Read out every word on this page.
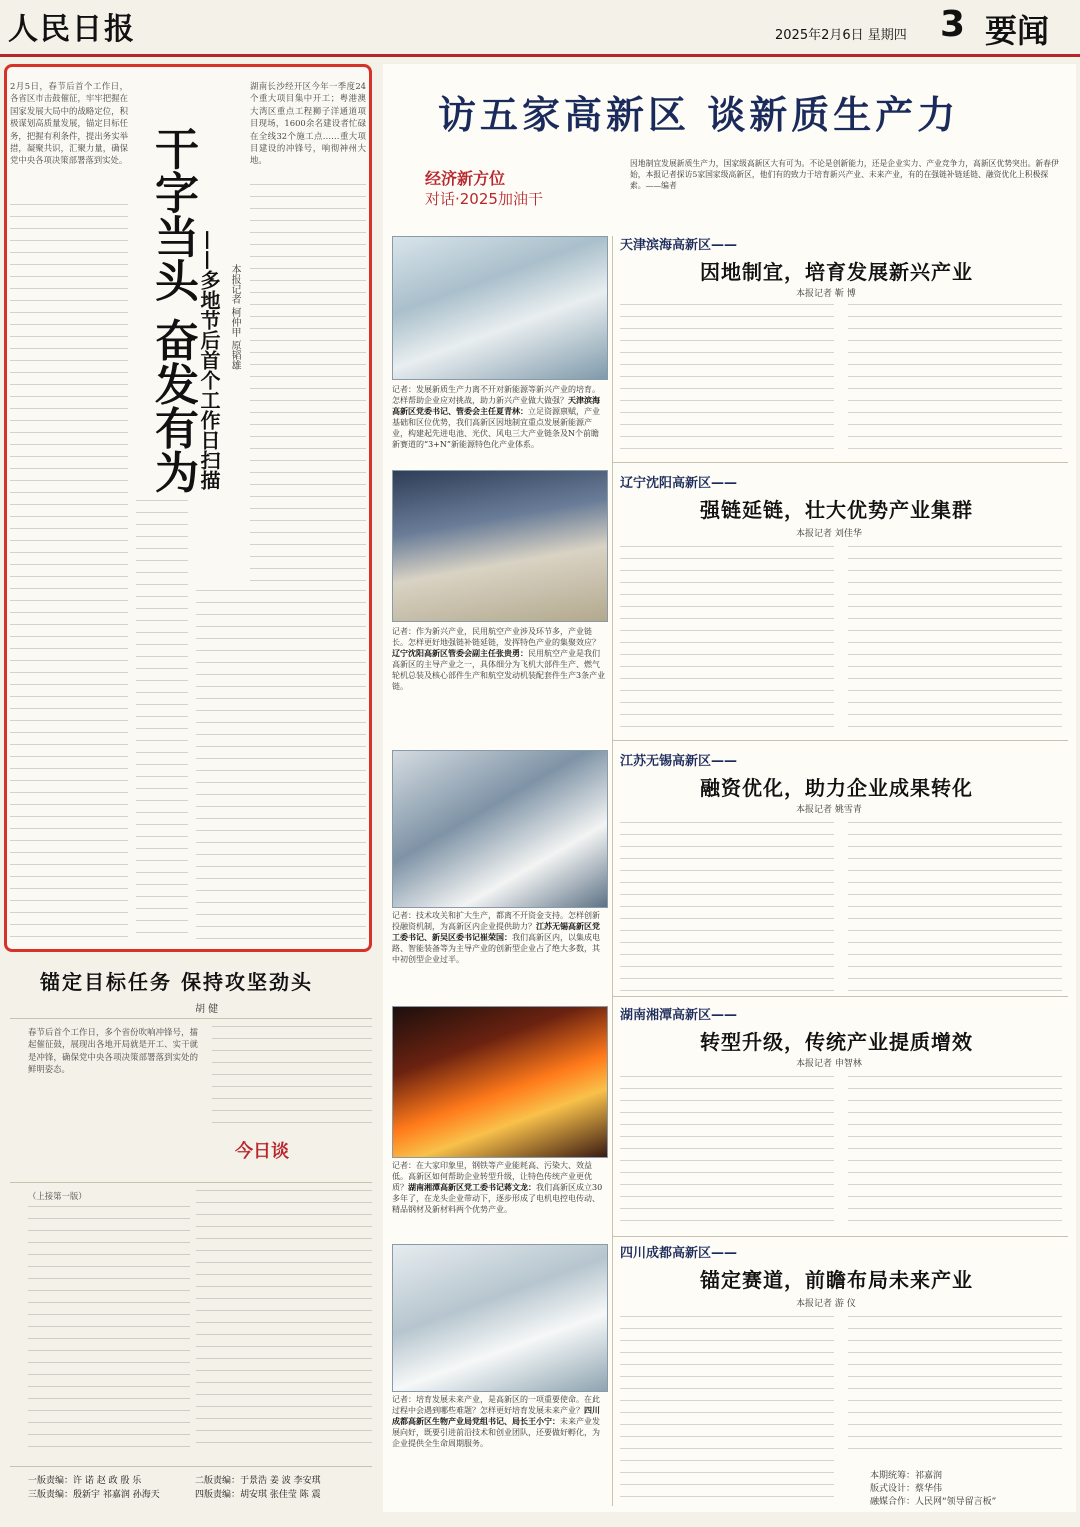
人民日报	2025年2月6日 星期四 3 要闻
2月5日，春节后首个工作日，各省区市击鼓催征，牢牢把握在国家发展大局中的战略定位，积极谋划高质量发展，锚定目标任务，把握有利条件，提出务实举措，凝聚共识，汇聚力量，确保党中央各项决策部署落到实处。 干字当头 奋发有为 ——多地节后首个工作日扫描 本报记者 柯仲甲 原韬雄
湖南长沙经开区今年一季度24个重大项目集中开工；粤港澳大湾区重点工程狮子洋通道项目现场，1600余名建设者忙碌在全线32个施工点……重大项目建设的冲锋号，响彻神州大地。
锚定目标任务 保持攻坚劲头
胡 健
春节后首个工作日，多个省份吹响冲锋号，擂起催征鼓，展现出各地开局就是开工、实干就是冲锋，确保党中央各项决策部署落到实处的鲜明姿态。
今日谈
（上接第一版）
一版责编：许 诺 赵 政 殷 乐
三版责编：殷新宇 祁嘉润 孙海天
二版责编：于景浩 姜 波 李安琪
四版责编：胡安琪 张佳莹 陈 震
访五家高新区 谈新质生产力
经济新方位
对话·2025加油干
因地制宜发展新质生产力，国家级高新区大有可为。不论是创新能力，还是企业实力、产业竞争力，高新区优势突出。新春伊始，本报记者探访5家国家级高新区，他们有的致力于培育新兴产业、未来产业，有的在强链补链延链、融资优化上积极探索。——编者
记者：发展新质生产力离不开对新能源等新兴产业的培育。怎样帮助企业应对挑战，助力新兴产业做大做强？天津滨海高新区党委书记、管委会主任夏青林：立足资源禀赋，产业基础和区位优势，我们高新区因地制宜重点发展新能源产业，构建起先进电池、光伏、风电三大产业链条及N个前瞻新赛道的“3+N”新能源特色化产业体系。
天津滨海高新区——
因地制宜，培育发展新兴产业
本报记者 靳 博
记者：作为新兴产业，民用航空产业涉及环节多，产业链长。怎样更好地强链补链延链，发挥特色产业的集聚效应？辽宁沈阳高新区管委会副主任张贵勇：民用航空产业是我们高新区的主导产业之一，具体细分为飞机大部件生产、燃气轮机总装及核心部件生产和航空发动机装配套件生产3条产业链。
辽宁沈阳高新区——
强链延链，壮大优势产业集群
本报记者 刘佳华
记者：技术攻关和扩大生产，都离不开资金支持。怎样创新投融资机制，为高新区内企业提供助力？江苏无锡高新区党工委书记、新吴区委书记崔荣国：我们高新区内，以集成电路、智能装备等为主导产业的创新型企业占了绝大多数，其中初创型企业过半。
江苏无锡高新区——
融资优化，助力企业成果转化
本报记者 姚雪青
记者：在大家印象里，钢铁等产业能耗高、污染大、效益低。高新区如何帮助企业转型升级，让特色传统产业更优质？湖南湘潭高新区党工委书记蒋文龙：我们高新区成立30多年了，在龙头企业带动下，逐步形成了电机电控电传动、精品钢材及新材料两个优势产业。
湖南湘潭高新区——
转型升级，传统产业提质增效
本报记者 申智林
记者：培育发展未来产业，是高新区的一项重要使命。在此过程中会遇到哪些难题？怎样更好培育发展未来产业？四川成都高新区生物产业局党组书记、局长王小宁：未来产业发展向好，既要引进前沿技术和创业团队，还要做好孵化，为企业提供全生命周期服务。
四川成都高新区——
锚定赛道，前瞻布局未来产业
本报记者 游 仪
本期统筹：祁嘉润
版式设计：蔡华伟
融媒合作：人民网“领导留言板”
